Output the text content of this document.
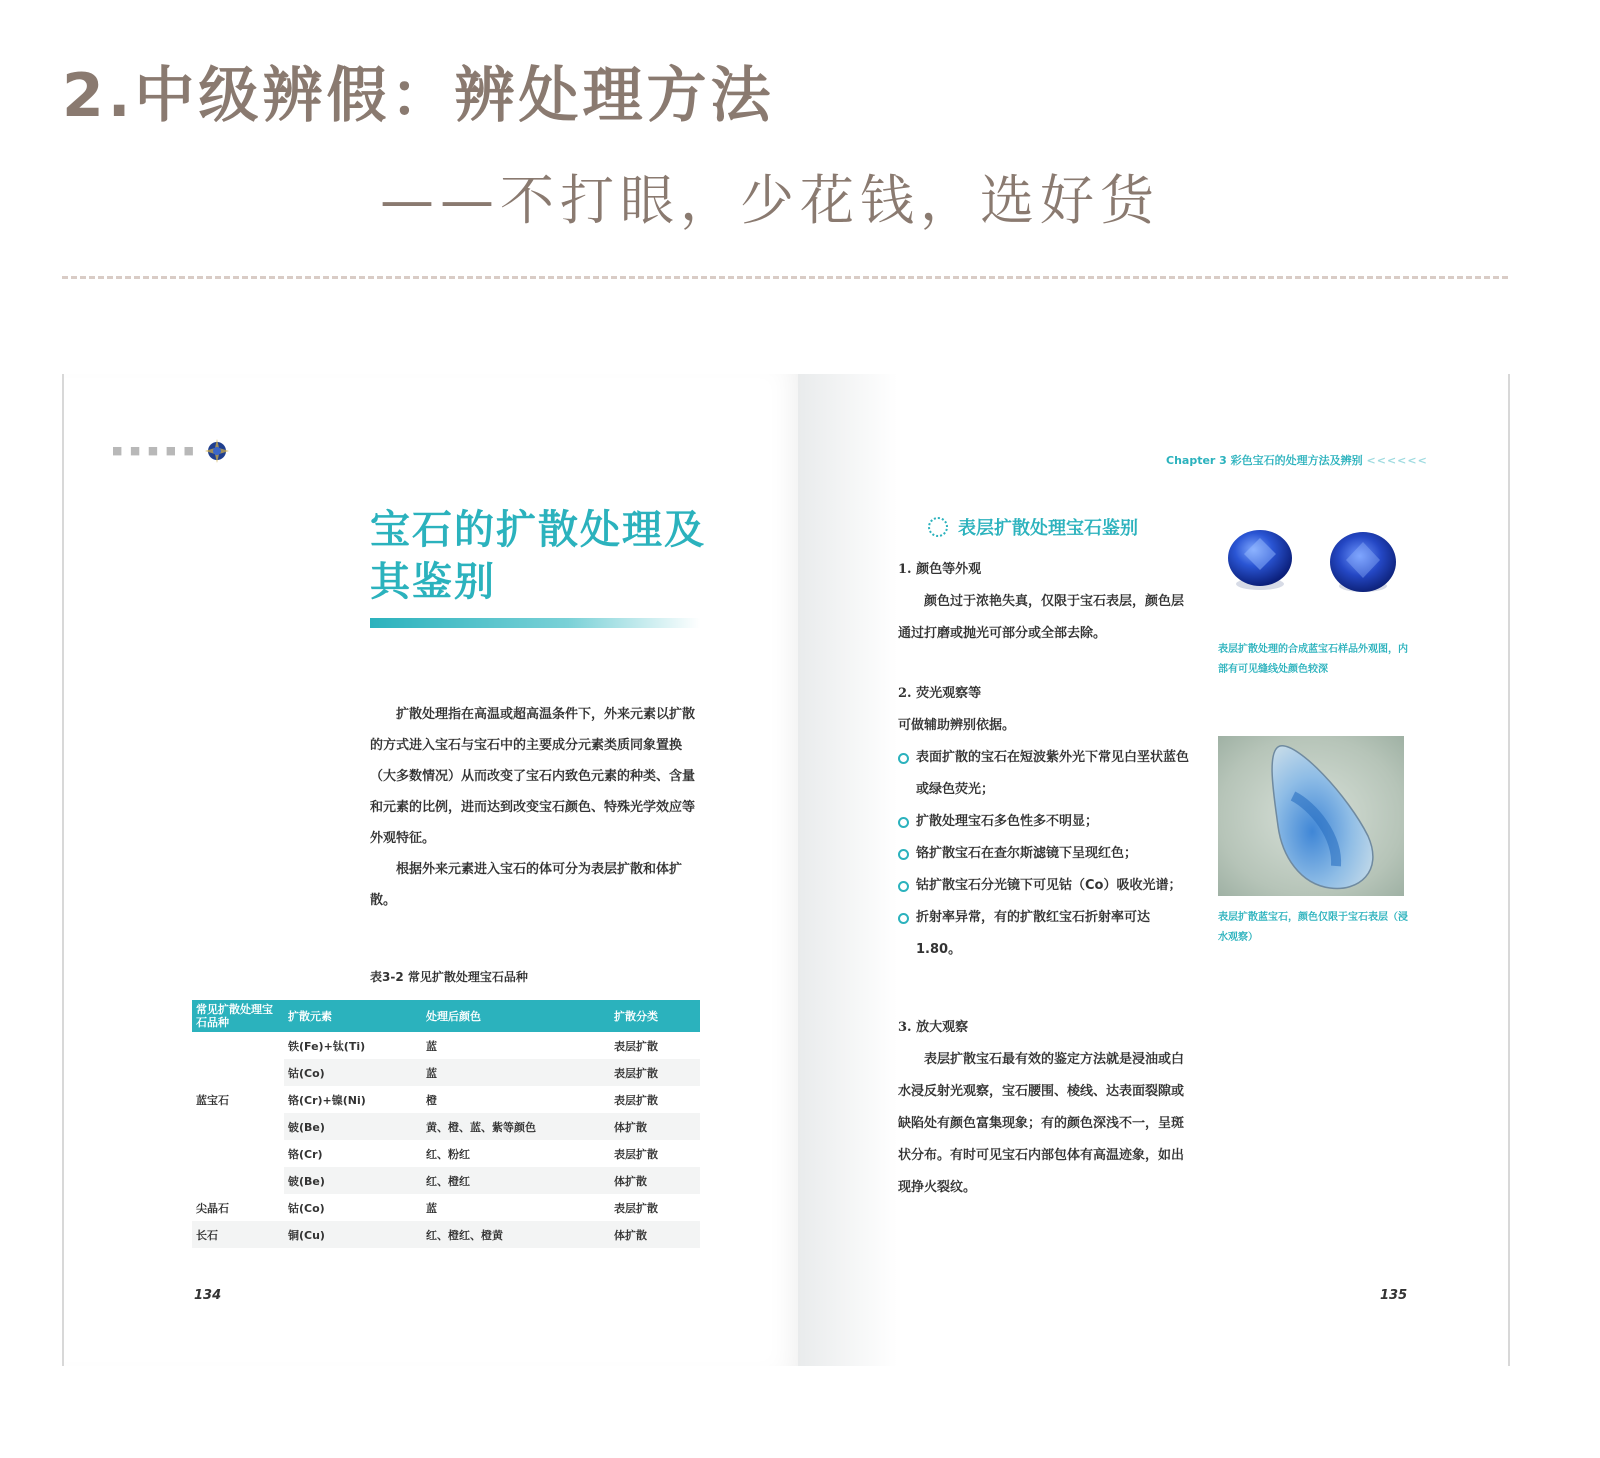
2.中级辨假：辨处理方法
——不打眼，少花钱，选好货
■ ■ ■ ■ ■
宝石的扩散处理及
其鉴别

扩散处理指在高温或超高温条件下，外来元素以扩散的方式进入宝石与宝石中的主要成分元素类质同象置换（大多数情况）从而改变了宝石内致色元素的种类、含量和元素的比例，进而达到改变宝石颜色、特殊光学效应等外观特征。

根据外来元素进入宝石的体可分为表层扩散和体扩散。

表3-2 常见扩散处理宝石品种
常见扩散处理宝石品种	扩散元素	处理后颜色	扩散分类
	铁(Fe)+钛(Ti)	蓝	表层扩散
	钴(Co)	蓝	表层扩散
蓝宝石	铬(Cr)+镍(Ni)	橙	表层扩散
	铍(Be)	黄、橙、蓝、紫等颜色	体扩散
	铬(Cr)	红、粉红	表层扩散
	铍(Be)	红、橙红	体扩散
尖晶石	钴(Co)	蓝	表层扩散
长石	铜(Cu)	红、橙红、橙黄	体扩散
134
Chapter 3 彩色宝石的处理方法及辨别 <<<<<<
表层扩散处理宝石鉴别

1. 颜色等外观

颜色过于浓艳失真，仅限于宝石表层，颜色层通过打磨或抛光可部分或全部去除。

2. 荧光观察等

可做辅助辨别依据。

表面扩散的宝石在短波紫外光下常见白垩状蓝色或绿色荧光；

扩散处理宝石多色性多不明显；

铬扩散宝石在查尔斯滤镜下呈现红色；

钴扩散宝石分光镜下可见钴（Co）吸收光谱；

折射率异常，有的扩散红宝石折射率可达1.80。

3. 放大观察

表层扩散宝石最有效的鉴定方法就是浸油或白水浸反射光观察，宝石腰围、棱线、达表面裂隙或缺陷处有颜色富集现象；有的颜色深浅不一，呈斑状分布。有时可见宝石内部包体有高温迹象，如出现挣火裂纹。

表层扩散处理的合成蓝宝石样品外观图，内部有可见缝线处颜色较深
表层扩散蓝宝石，颜色仅限于宝石表层（浸水观察）
135
